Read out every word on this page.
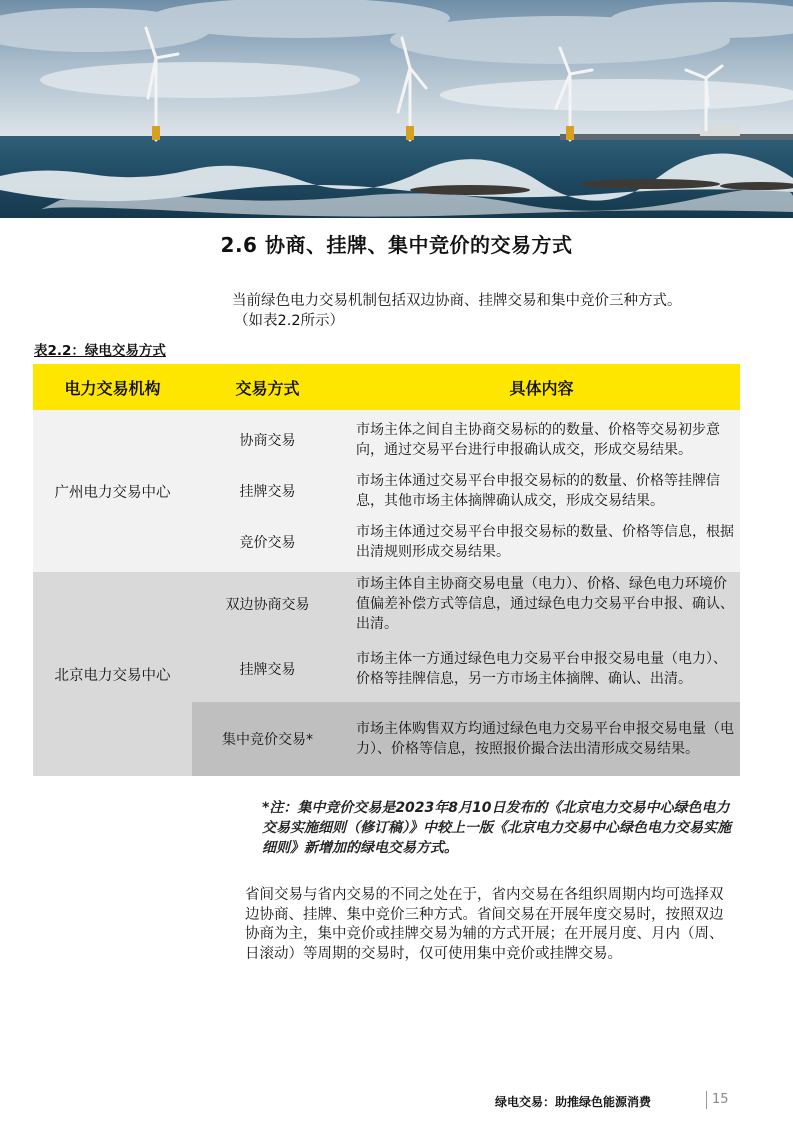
2.6 协商、挂牌、集中竞价的交易方式
当前绿色电力交易机制包括双边协商、挂牌交易和集中竞价三种方式。
（如表2.2所示）
表2.2：绿电交易方式
电力交易机构	交易方式	具体内容
广州电力交易中心	协商交易	市场主体之间自主协商交易标的的数量、价格等交易初步意向，通过交易平台进行申报确认成交，形成交易结果。
	挂牌交易	市场主体通过交易平台申报交易标的的数量、价格等挂牌信息，其他市场主体摘牌确认成交，形成交易结果。
	竞价交易	市场主体通过交易平台申报交易标的数量、价格等信息，根据出清规则形成交易结果。
北京电力交易中心	双边协商交易	市场主体自主协商交易电量（电力）、价格、绿色电力环境价值偏差补偿方式等信息，通过绿色电力交易平台申报、确认、出清。
	挂牌交易	市场主体一方通过绿色电力交易平台申报交易电量（电力）、价格等挂牌信息，另一方市场主体摘牌、确认、出清。
	集中竞价交易*	市场主体购售双方均通过绿色电力交易平台申报交易电量（电力）、价格等信息，按照报价撮合法出清形成交易结果。
*注：集中竞价交易是2023年8月10日发布的《北京电力交易中心绿色电力交易实施细则（修订稿）》中较上一版《北京电力交易中心绿色电力交易实施细则》新增加的绿电交易方式。
省间交易与省内交易的不同之处在于，省内交易在各组织周期内均可选择双边协商、挂牌、集中竞价三种方式。省间交易在开展年度交易时，按照双边协商为主，集中竞价或挂牌交易为辅的方式开展；在开展月度、月内（周、日滚动）等周期的交易时，仅可使用集中竞价或挂牌交易。
绿电交易：助推绿色能源消费	15
